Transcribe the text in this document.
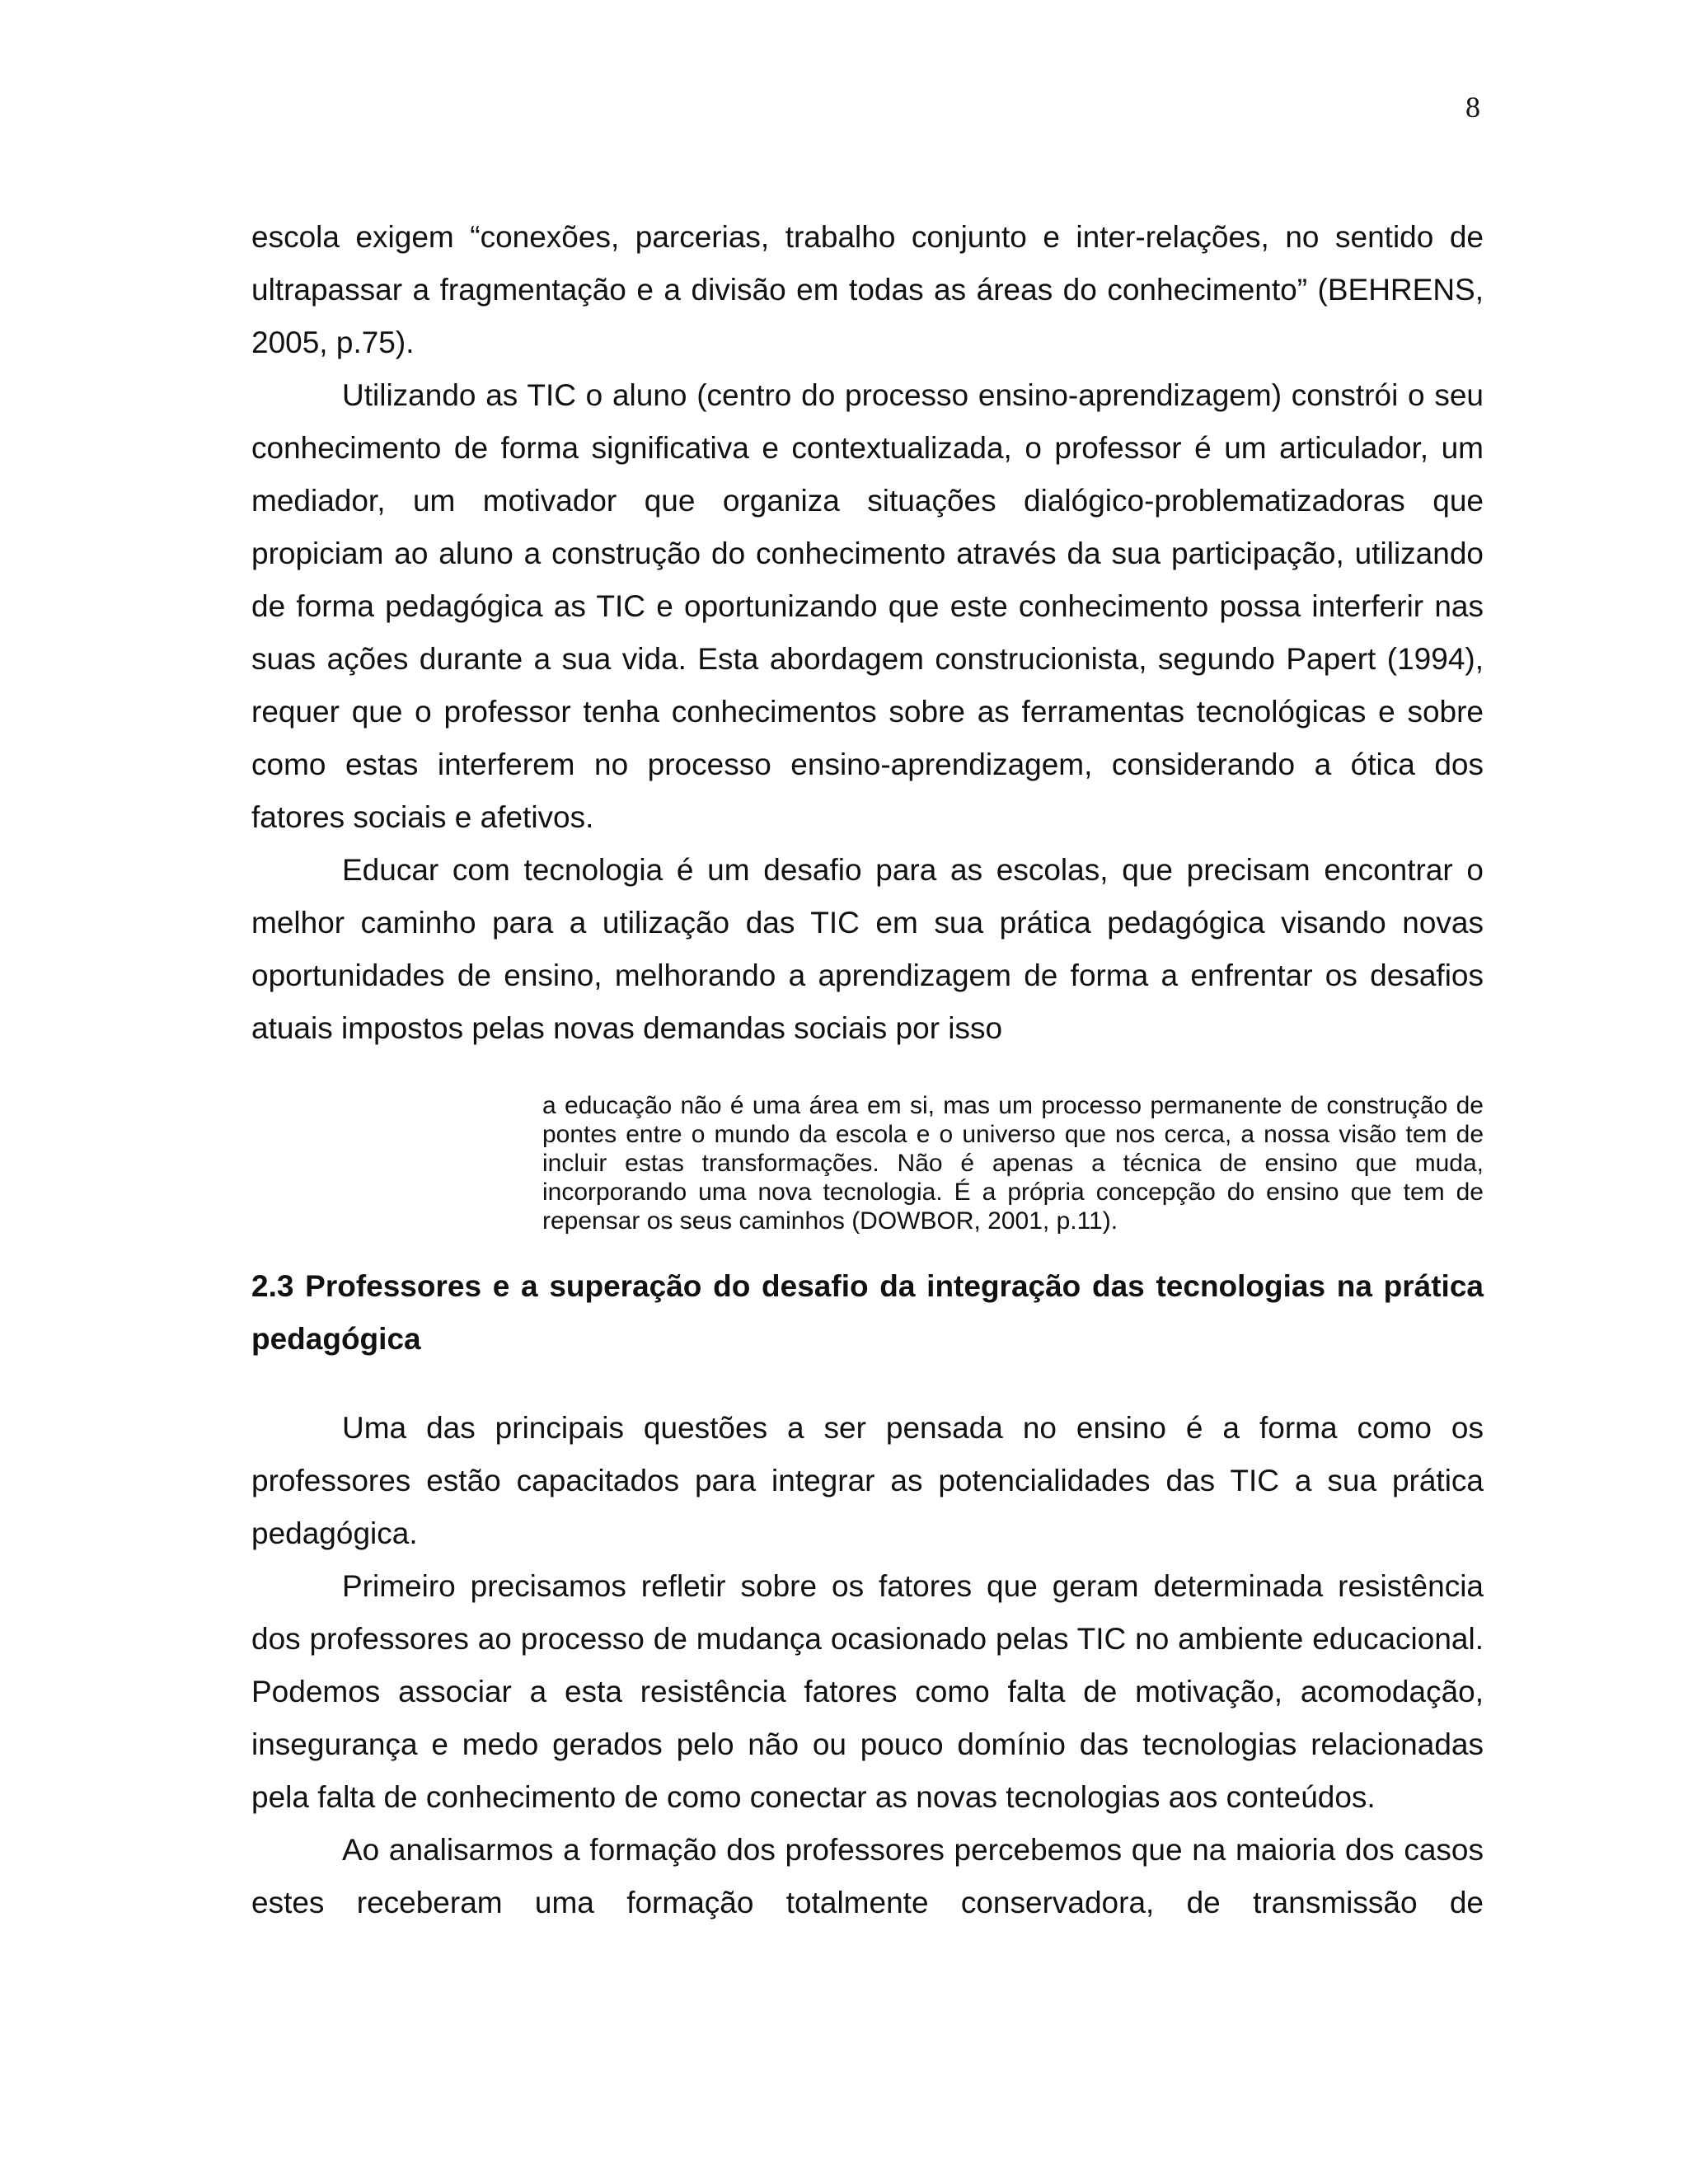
8

escola exigem “conexões, parcerias, trabalho conjunto e inter-relações, no sentido de ultrapassar a fragmentação e a divisão em todas as áreas do conhecimento” (BEHRENS, 2005, p.75).

Utilizando as TIC o aluno (centro do processo ensino-aprendizagem) constrói o seu conhecimento de forma significativa e contextualizada, o professor é um articulador, um mediador, um motivador que organiza situações dialógico-problematizadoras que propiciam ao aluno a construção do conhecimento através da sua participação, utilizando de forma pedagógica as TIC e oportunizando que este conhecimento possa interferir nas suas ações durante a sua vida. Esta abordagem construcionista, segundo Papert (1994), requer que o professor tenha conhecimentos sobre as ferramentas tecnológicas e sobre como estas interferem no processo ensino-aprendizagem, considerando a ótica dos fatores sociais e afetivos.

Educar com tecnologia é um desafio para as escolas, que precisam encontrar o melhor caminho para a utilização das TIC em sua prática pedagógica visando novas oportunidades de ensino, melhorando a aprendizagem de forma a enfrentar os desafios atuais impostos pelas novas demandas sociais por isso

a educação não é uma área em si, mas um processo permanente de construção de pontes entre o mundo da escola e o universo que nos cerca, a nossa visão tem de incluir estas transformações. Não é apenas a técnica de ensino que muda, incorporando uma nova tecnologia. É a própria concepção do ensino que tem de repensar os seus caminhos (DOWBOR, 2001, p.11).
2.3 Professores e a superação do desafio da integração das tecnologias na prática pedagógica

Uma das principais questões a ser pensada no ensino é a forma como os professores estão capacitados para integrar as potencialidades das TIC a sua prática pedagógica.

Primeiro precisamos refletir sobre os fatores que geram determinada resistência dos professores ao processo de mudança ocasionado pelas TIC no ambiente educacional. Podemos associar a esta resistência fatores como falta de motivação, acomodação, insegurança e medo gerados pelo não ou pouco domínio das tecnologias relacionadas pela falta de conhecimento de como conectar as novas tecnologias aos conteúdos.

Ao analisarmos a formação dos professores percebemos que na maioria dos casos estes receberam uma formação totalmente conservadora, de transmissão de
